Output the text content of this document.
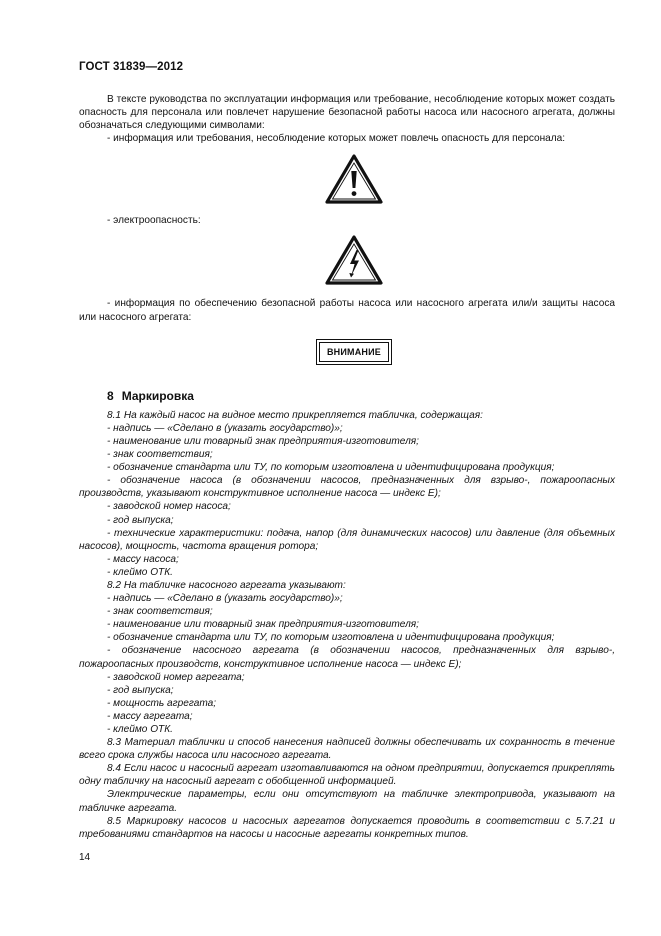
ГОСТ 31839—2012

В тексте руководства по эксплуатации информация или требование, несоблюдение которых может создать опасность для персонала или повлечет нарушение безопасной работы насоса или насосного агрегата, должны обозначаться следующими символами:

- информация или требования, несоблюдение которых может повлечь опасность для персонала:

- электроопасность:

- информация по обеспечению безопасной работы насоса или насосного агрегата или/и защиты насоса или насосного агрегата:

ВНИМАНИЕ
8 Маркировка

8.1 На каждый насос на видное место прикрепляется табличка, содержащая:

- надпись — «Сделано в (указать государство)»;

- наименование или товарный знак предприятия-изготовителя;

- знак соответствия;

- обозначение стандарта или ТУ, по которым изготовлена и идентифицирована продукция;

- обозначение насоса (в обозначении насосов, предназначенных для взрыво-, пожароопасных производств, указывают конструктивное исполнение насоса — индекс Е);

- заводской номер насоса;

- год выпуска;

- технические характеристики: подача, напор (для динамических насосов) или давление (для объемных насосов), мощность, частота вращения ротора;

- массу насоса;

- клеймо ОТК.

8.2 На табличке насосного агрегата указывают:

- надпись — «Сделано в (указать государство)»;

- знак соответствия;

- наименование или товарный знак предприятия-изготовителя;

- обозначение стандарта или ТУ, по которым изготовлена и идентифицирована продукция;

- обозначение насосного агрегата (в обозначении насосов, предназначенных для взрыво-, пожароопасных производств, конструктивное исполнение насоса — индекс Е);

- заводской номер агрегата;

- год выпуска;

- мощность агрегата;

- массу агрегата;

- клеймо ОТК.

8.3 Материал таблички и способ нанесения надписей должны обеспечивать их сохранность в течение всего срока службы насоса или насосного агрегата.

8.4 Если насос и насосный агрегат изготавливаются на одном предприятии, допускается прикреплять одну табличку на насосный агрегат с обобщенной информацией.

Электрические параметры, если они отсутствуют на табличке электропривода, указывают на табличке агрегата.

8.5 Маркировку насосов и насосных агрегатов допускается проводить в соответствии с 5.7.21 и требованиями стандартов на насосы и насосные агрегаты конкретных типов.

14
